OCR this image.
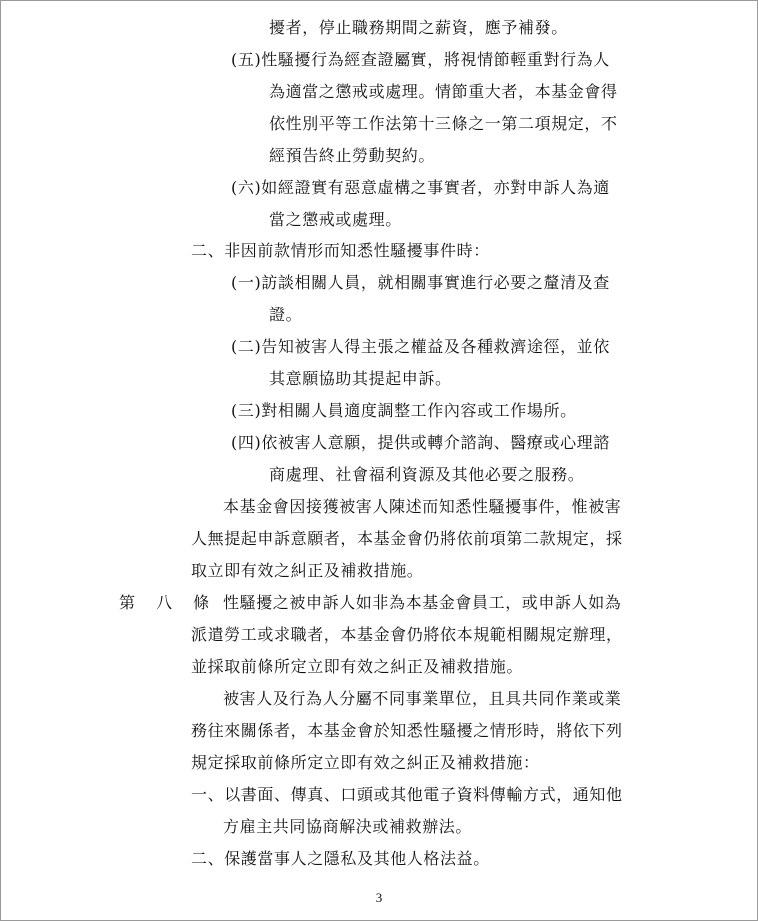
擾者，停止職務期間之薪資，應予補發。
(五)性騷擾行為經查證屬實，將視情節輕重對行為人
為適當之懲戒或處理。情節重大者，本基金會得
依性別平等工作法第十三條之一第二項規定，不
經預告終止勞動契約。
(六)如經證實有惡意虛構之事實者，亦對申訴人為適
當之懲戒或處理。
二、非因前款情形而知悉性騷擾事件時：
(一)訪談相關人員，就相關事實進行必要之釐清及查
證。
(二)告知被害人得主張之權益及各種救濟途徑，並依
其意願協助其提起申訴。
(三)對相關人員適度調整工作內容或工作場所。
(四)依被害人意願，提供或轉介諮詢、醫療或心理諮
商處理、社會福利資源及其他必要之服務。
本基金會因接獲被害人陳述而知悉性騷擾事件，惟被害
人無提起申訴意願者，本基金會仍將依前項第二款規定，採
取立即有效之糾正及補救措施。
第 八 條 性騷擾之被申訴人如非為本基金會員工，或申訴人如為
派遣勞工或求職者，本基金會仍將依本規範相關規定辦理，
並採取前條所定立即有效之糾正及補救措施。
被害人及行為人分屬不同事業單位，且具共同作業或業
務往來關係者，本基金會於知悉性騷擾之情形時，將依下列
規定採取前條所定立即有效之糾正及補救措施：
一、以書面、傳真、口頭或其他電子資料傳輸方式，通知他
方雇主共同協商解決或補救辦法。
二、保護當事人之隱私及其他人格法益。
3
